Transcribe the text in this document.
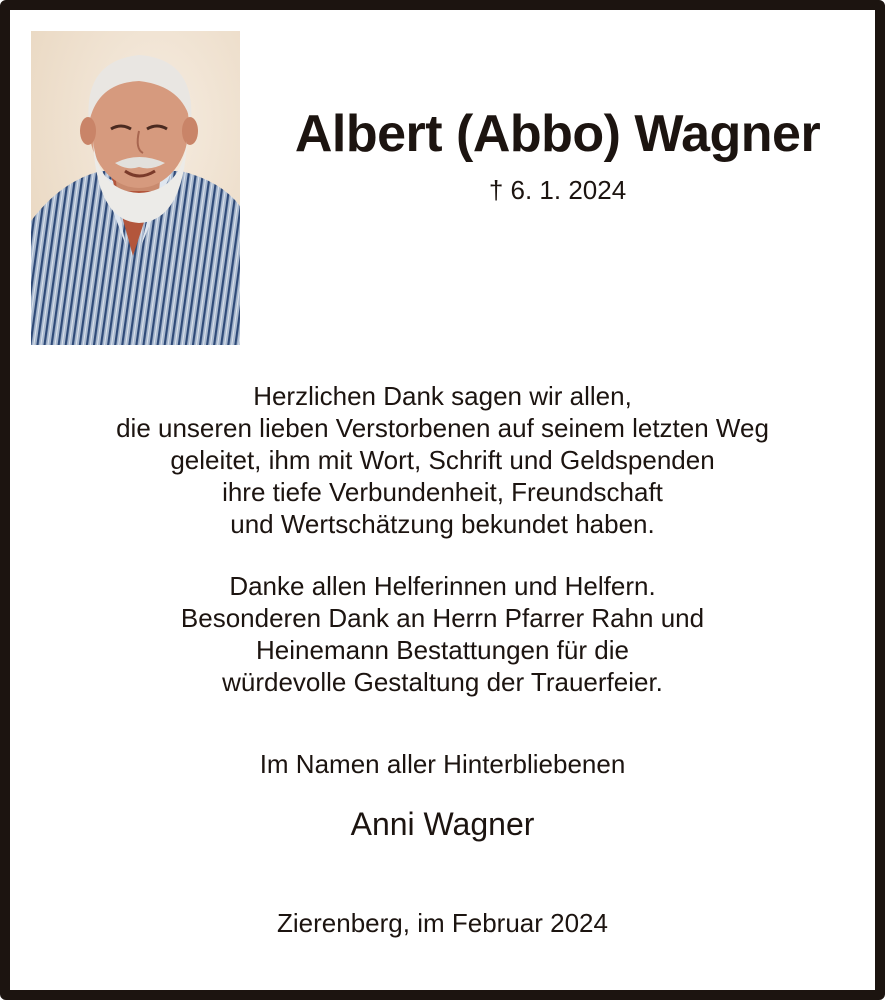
Albert (Abbo) Wagner
† 6. 1. 2024
Herzlichen Dank sagen wir allen,
die unseren lieben Verstorbenen auf seinem letzten Weg
geleitet, ihm mit Wort, Schrift und Geldspenden
ihre tiefe Verbundenheit, Freundschaft
und Wertschätzung bekundet haben.
Danke allen Helferinnen und Helfern.
Besonderen Dank an Herrn Pfarrer Rahn und
Heinemann Bestattungen für die
würdevolle Gestaltung der Trauerfeier.
Im Namen aller Hinterbliebenen
Anni Wagner
Zierenberg, im Februar 2024
